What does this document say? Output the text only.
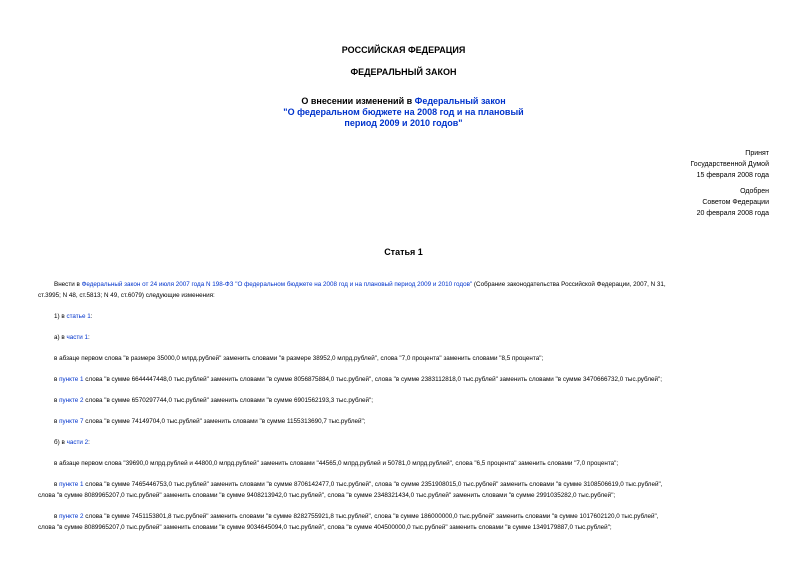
РОССИЙСКАЯ ФЕДЕРАЦИЯ
ФЕДЕРАЛЬНЫЙ ЗАКОН
О внесении изменений в Федеральный закон
"О федеральном бюджете на 2008 год и на плановый
период 2009 и 2010 годов"
Принят
Государственной Думой
15 февраля 2008 года
Одобрен
Советом Федерации
20 февраля 2008 года
Статья 1
Внести в Федеральный закон от 24 июля 2007 года N 198-ФЗ "О федеральном бюджете на 2008 год и на плановый период 2009 и 2010 годов" (Собрание законодательства Российской Федерации, 2007, N 31,
ст.3995; N 48, ст.5813; N 49, ст.6079) следующие изменения:
1) в статье 1:
а) в части 1:
в абзаце первом слова "в размере 35000,0 млрд.рублей" заменить словами "в размере 38952,0 млрд.рублей", слова "7,0 процента" заменить словами "8,5 процента";
в пункте 1 слова "в сумме 6644447448,0 тыс.рублей" заменить словами "в сумме 8056875884,0 тыс.рублей", слова "в сумме 2383112818,0 тыс.рублей" заменить словами "в сумме 3470666732,0 тыс.рублей";
в пункте 2 слова "в сумме 6570297744,0 тыс.рублей" заменить словами "в сумме 6901562193,3 тыс.рублей";
в пункте 7 слова "в сумме 74149704,0 тыс.рублей" заменить словами "в сумме 1155313690,7 тыс.рублей";
б) в части 2:
в абзаце первом слова "39690,0 млрд.рублей и 44800,0 млрд.рублей" заменить словами "44565,0 млрд.рублей и 50781,0 млрд.рублей", слова "6,5 процента" заменить словами "7,0 процента";
в пункте 1 слова "в сумме 7465446753,0 тыс.рублей" заменить словами "в сумме 8706142477,0 тыс.рублей", слова "в сумме 2351908015,0 тыс.рублей" заменить словами "в сумме 3108506619,0 тыс.рублей",
слова "в сумме 8089965207,0 тыс.рублей" заменить словами "в сумме 9408213942,0 тыс.рублей", слова "в сумме 2348321434,0 тыс.рублей" заменить словами "в сумме 2991035282,0 тыс.рублей";
в пункте 2 слова "в сумме 7451153801,8 тыс.рублей" заменить словами "в сумме 8282755921,8 тыс.рублей", слова "в сумме 186000000,0 тыс.рублей" заменить словами "в сумме 1017602120,0 тыс.рублей",
слова "в сумме 8089965207,0 тыс.рублей" заменить словами "в сумме 9034645094,0 тыс.рублей", слова "в сумме 404500000,0 тыс.рублей" заменить словами "в сумме 1349179887,0 тыс.рублей";
